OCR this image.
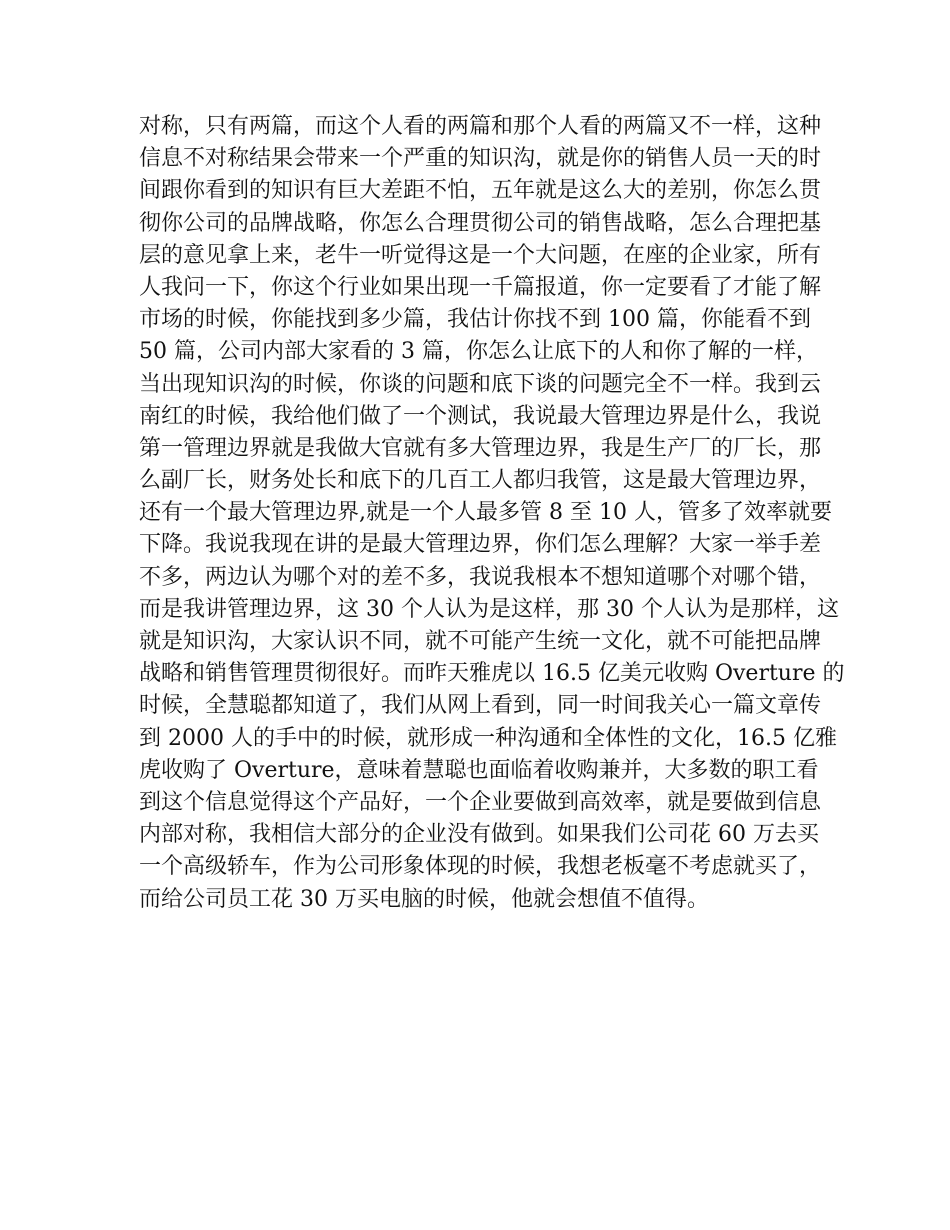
对称，只有两篇，而这个人看的两篇和那个人看的两篇又不一样，这种
信息不对称结果会带来一个严重的知识沟，就是你的销售人员一天的时
间跟你看到的知识有巨大差距不怕，五年就是这么大的差别，你怎么贯
彻你公司的品牌战略，你怎么合理贯彻公司的销售战略，怎么合理把基
层的意见拿上来，老牛一听觉得这是一个大问题，在座的企业家，所有
人我问一下，你这个行业如果出现一千篇报道，你一定要看了才能了解
市场的时候，你能找到多少篇，我估计你找不到 100 篇，你能看不到
50 篇，公司内部大家看的 3 篇，你怎么让底下的人和你了解的一样，
当出现知识沟的时候，你谈的问题和底下谈的问题完全不一样。我到云
南红的时候，我给他们做了一个测试，我说最大管理边界是什么，我说
第一管理边界就是我做大官就有多大管理边界，我是生产厂的厂长，那
么副厂长，财务处长和底下的几百工人都归我管，这是最大管理边界，
还有一个最大管理边界,就是一个人最多管 8 至 10 人，管多了效率就要
下降。我说我现在讲的是最大管理边界，你们怎么理解？大家一举手差
不多，两边认为哪个对的差不多，我说我根本不想知道哪个对哪个错，
而是我讲管理边界，这 30 个人认为是这样，那 30 个人认为是那样，这
就是知识沟，大家认识不同，就不可能产生统一文化，就不可能把品牌
战略和销售管理贯彻很好。而昨天雅虎以 16.5 亿美元收购 Overture 的
时候，全慧聪都知道了，我们从网上看到，同一时间我关心一篇文章传
到 2000 人的手中的时候，就形成一种沟通和全体性的文化，16.5 亿雅
虎收购了 Overture，意味着慧聪也面临着收购兼并，大多数的职工看
到这个信息觉得这个产品好，一个企业要做到高效率，就是要做到信息
内部对称，我相信大部分的企业没有做到。如果我们公司花 60 万去买
一个高级轿车，作为公司形象体现的时候，我想老板毫不考虑就买了，
而给公司员工花 30 万买电脑的时候，他就会想值不值得。
